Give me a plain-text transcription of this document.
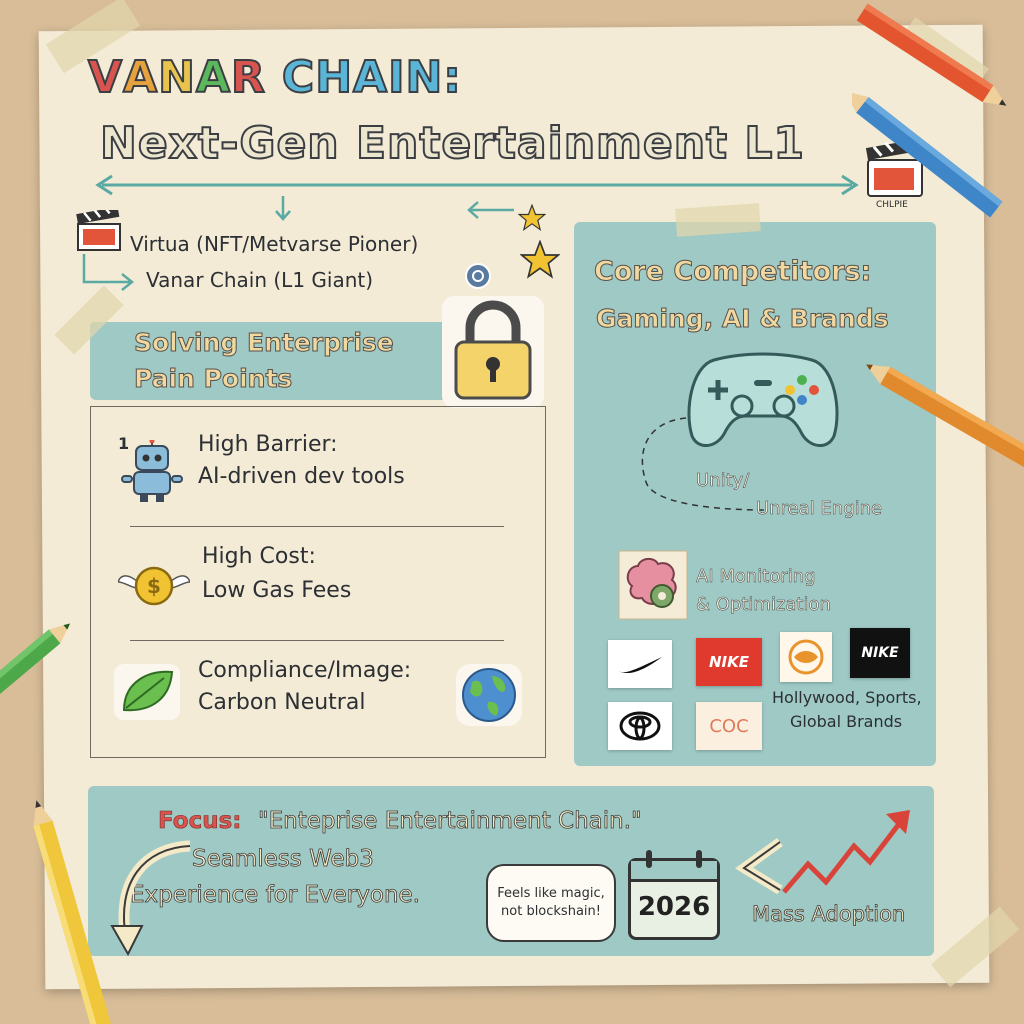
VANAR CHAIN:
Next-Gen Entertainment L1
CHLPIE
Virtua (NFT/Metvarse Pioner)
Vanar Chain (L1 Giant)
Solving Enterprise
Pain Points
1	High Barrier:
AI-driven dev tools
$
High Cost:
Low Gas Fees
Compliance/Image:
Carbon Neutral
Core Competitors:
Gaming, AI & Brands
Unity/
Unreal Engine
AI Monitoring
& Optimization
NIKE	NIKE
COC
Hollywood, Sports,
Global Brands
Focus: "Enteprise Entertainment Chain."
Seamless Web3
Experience for Everyone.	Feels like magic,
not blockshain! 2026	Mass Adoption
